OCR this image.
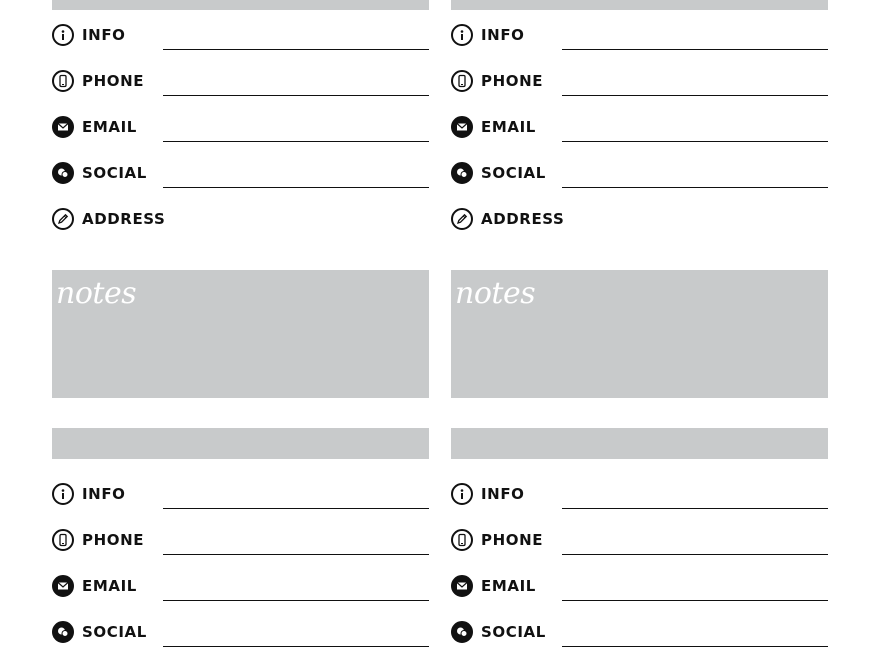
INFO
PHONE
EMAIL
SOCIAL
ADDRESS
INFO
PHONE
EMAIL
SOCIAL
ADDRESS
notes	notes
INFO
PHONE
EMAIL
SOCIAL
INFO
PHONE
EMAIL
SOCIAL
